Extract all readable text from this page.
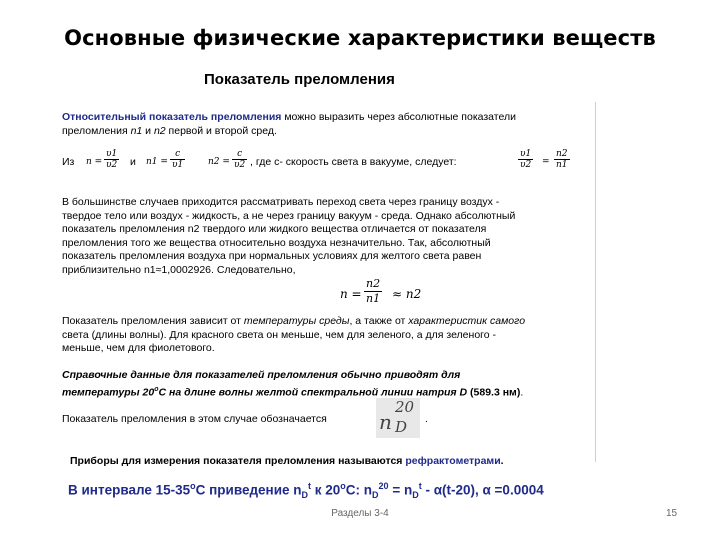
Основные физические характеристики веществ
Показатель преломления
Относительный показатель преломления можно выразить через абсолютные показатели
преломления n1 и n2 первой и второй сред.
Из $n = \frac{\upsilon 1}{\upsilon 2}$ и $n1 = \frac{c}{\upsilon 1}$	$n2 = \frac{c}{\upsilon 2}$ , где c- скорость света в вакууме, следует:	$\frac{\upsilon 1}{\upsilon 2} = \frac{n2}{n1}$
В большинстве случаев приходится рассматривать переход света через границу воздух -
твердое тело или воздух - жидкость, а не через границу вакуум - среда. Однако абсолютный
показатель преломления n2 твердого или жидкого вещества отличается от показателя
преломления того же вещества относительно воздуха незначительно. Так, абсолютный
показатель преломления воздуха при нормальных условиях для желтого света равен
приблизительно n1≈1,0002926. Следовательно,
$n = \frac{n2}{n1} \approx n2$
Показатель преломления зависит от температуры среды, а также от характеристик самого
света (длины волны). Для красного света он меньше, чем для зеленого, а для зеленого -
меньше, чем для фиолетового.
Справочные данные для показателей преломления обычно приводят для
температуры 20$^o$С на длине волны желтой спектральной линии натрия D (589.3 нм).
Показатель преломления в этом случае обозначается	n
20
D .
Приборы для измерения показателя преломления называются рефрактометрами.
В интервале 15-35$^o$C приведение $n_D^t$ к 20$^o$C: $n_D^{20} = n_D^t - \alpha(t-20)$, α =0.0004
Разделы 3-4	15
